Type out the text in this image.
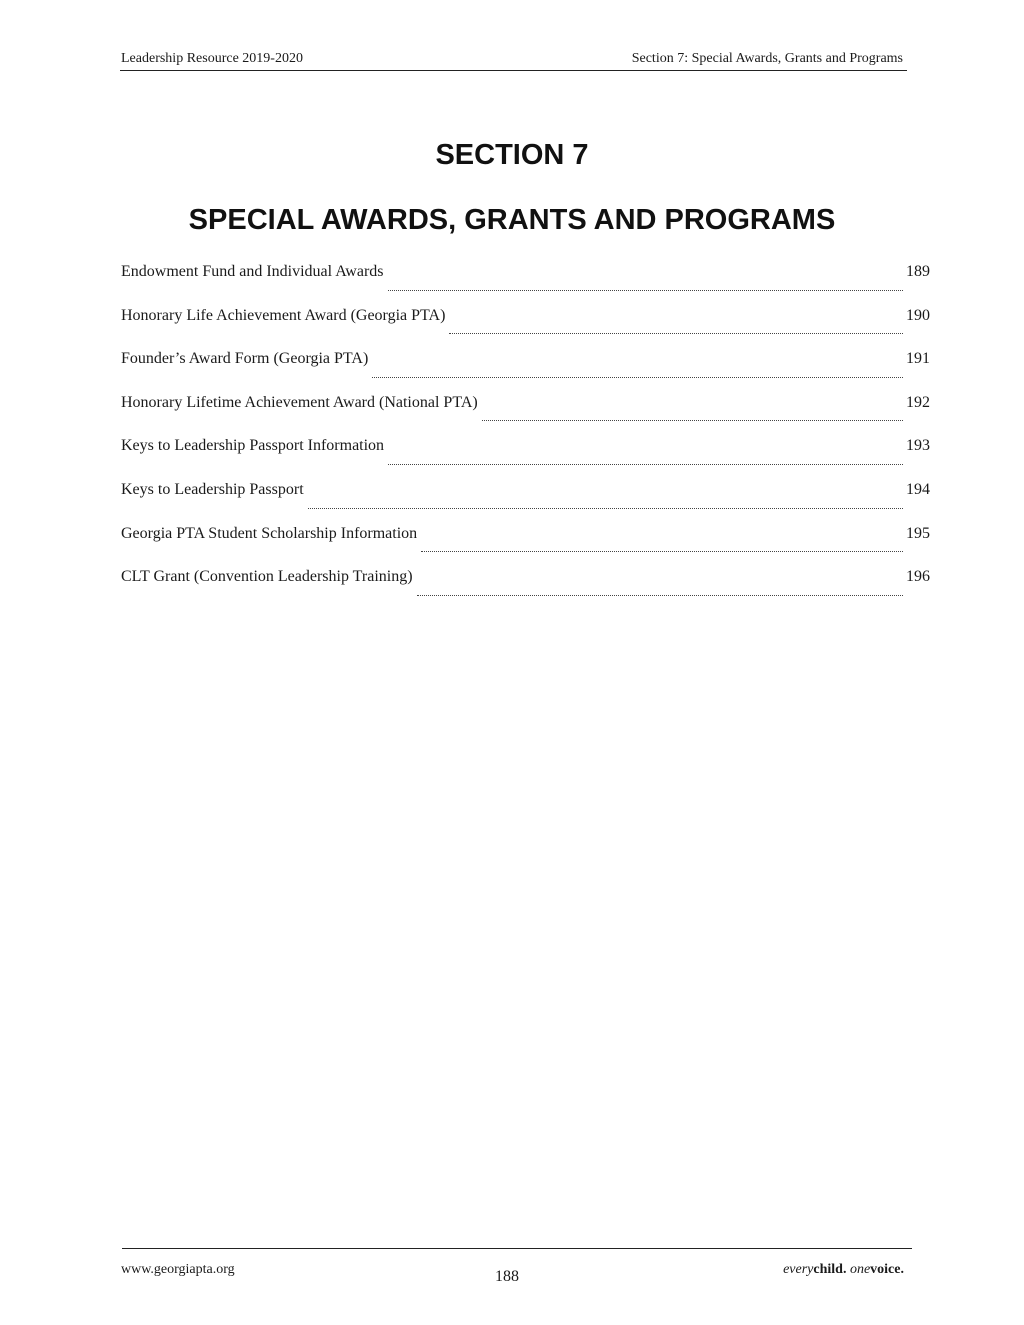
Leadership Resource 2019-2020	Section 7: Special Awards, Grants and Programs
SECTION 7
SPECIAL AWARDS, GRANTS AND PROGRAMS
Endowment Fund and Individual Awards	189
Honorary Life Achievement Award (Georgia PTA)	190
Founder’s Award Form (Georgia PTA)	191
Honorary Lifetime Achievement Award (National PTA)	192
Keys to Leadership Passport Information	193
Keys to Leadership Passport	194
Georgia PTA Student Scholarship Information	195
CLT Grant (Convention Leadership Training)	196
www.georgiapta.org	188	everychild. onevoice.
